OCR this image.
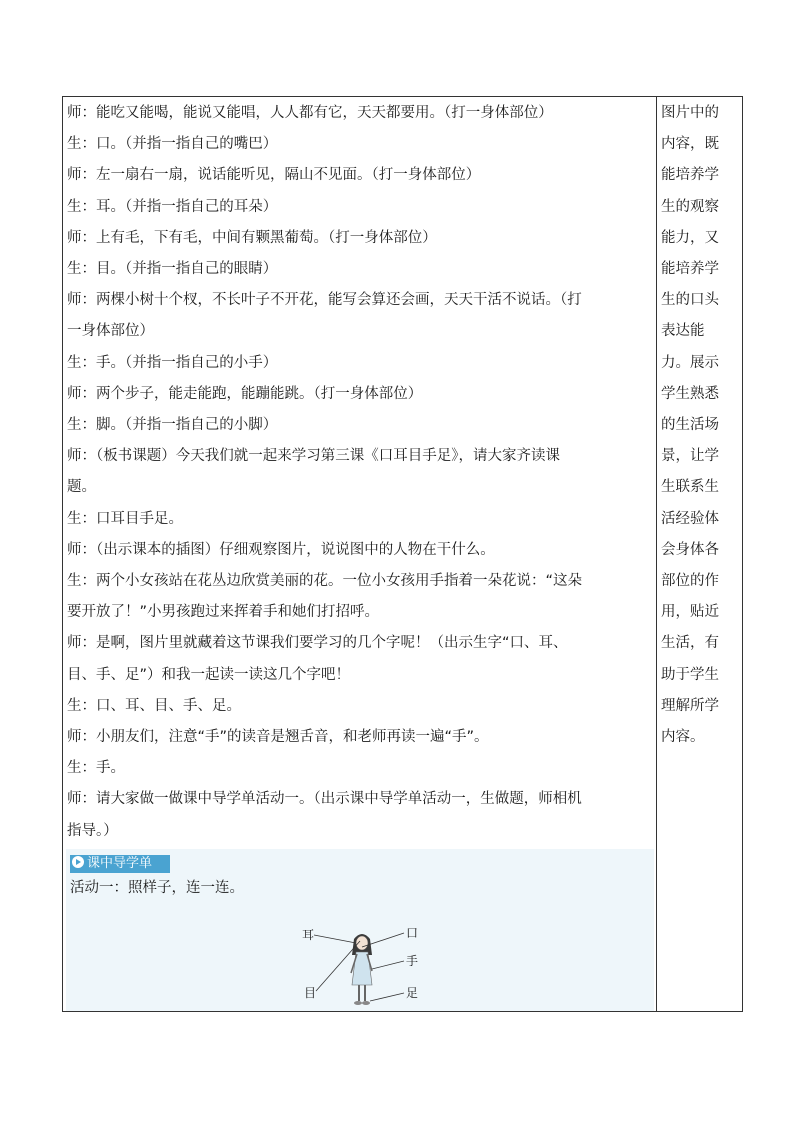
师：能吃又能喝，能说又能唱，人人都有它，天天都要用。（打一身体部位）
生：口。（并指一指自己的嘴巴）
师：左一扇右一扇，说话能听见，隔山不见面。（打一身体部位）
生：耳。（并指一指自己的耳朵）
师：上有毛，下有毛，中间有颗黑葡萄。（打一身体部位）
生：目。（并指一指自己的眼睛）
师：两棵小树十个杈，不长叶子不开花，能写会算还会画，天天干活不说话。（打
一身体部位）
生：手。（并指一指自己的小手）
师：两个步子，能走能跑，能蹦能跳。（打一身体部位）
生：脚。（并指一指自己的小脚）
师：（板书课题）今天我们就一起来学习第三课《口耳目手足》，请大家齐读课
题。
生：口耳目手足。
师：（出示课本的插图）仔细观察图片，说说图中的人物在干什么。
生：两个小女孩站在花丛边欣赏美丽的花。一位小女孩用手指着一朵花说：“这朵
要开放了！”小男孩跑过来挥着手和她们打招呼。
师：是啊，图片里就藏着这节课我们要学习的几个字呢！（出示生字“口、耳、
目、手、足”）和我一起读一读这几个字吧！
生：口、耳、目、手、足。
师：小朋友们，注意“手”的读音是翘舌音，和老师再读一遍“手”。
生：手。
师：请大家做一做课中导学单活动一。（出示课中导学单活动一，生做题，师相机
指导。）
图片中的
内容，既
能培养学
生的观察
能力，又
能培养学
生的口头
表达能
力。展示
学生熟悉
的生活场
景，让学
生联系生
活经验体
会身体各
部位的作
用，贴近
生活，有
助于学生
理解所学
内容。
课中导学单
活动一：照样子，连一连。
耳	口
手
目	足
